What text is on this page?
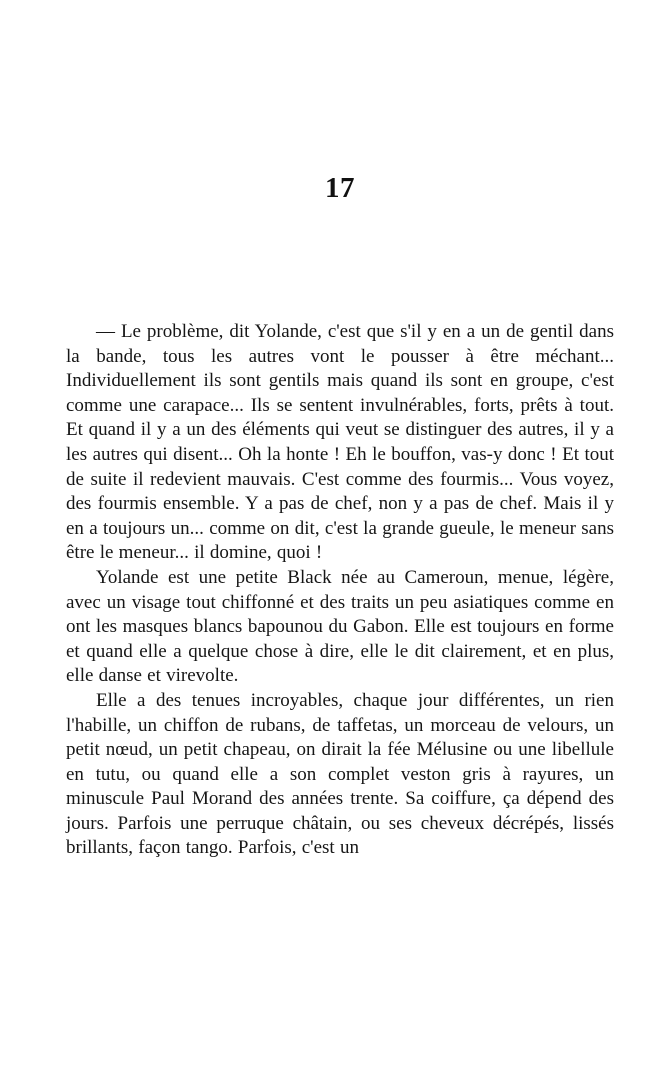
17

— Le problème, dit Yolande, c'est que s'il y en a un de gentil dans la bande, tous les autres vont le pousser à être méchant... Individuellement ils sont gentils mais quand ils sont en groupe, c'est comme une carapace... Ils se sentent invulnérables, forts, prêts à tout. Et quand il y a un des éléments qui veut se distinguer des autres, il y a les autres qui disent... Oh la honte ! Eh le bouffon, vas-y donc ! Et tout de suite il redevient mauvais. C'est comme des fourmis... Vous voyez, des fourmis ensemble. Y a pas de chef, non y a pas de chef. Mais il y en a toujours un... comme on dit, c'est la grande gueule, le meneur sans être le meneur... il domine, quoi !

Yolande est une petite Black née au Cameroun, menue, légère, avec un visage tout chiffonné et des traits un peu asiatiques comme en ont les masques blancs bapounou du Gabon. Elle est toujours en forme et quand elle a quelque chose à dire, elle le dit clairement, et en plus, elle danse et virevolte.

Elle a des tenues incroyables, chaque jour différentes, un rien l'habille, un chiffon de rubans, de taffetas, un morceau de velours, un petit nœud, un petit chapeau, on dirait la fée Mélusine ou une libellule en tutu, ou quand elle a son complet veston gris à rayures, un minuscule Paul Morand des années trente. Sa coiffure, ça dépend des jours. Parfois une perruque châtain, ou ses cheveux décrépés, lissés brillants, façon tango. Parfois, c'est un
